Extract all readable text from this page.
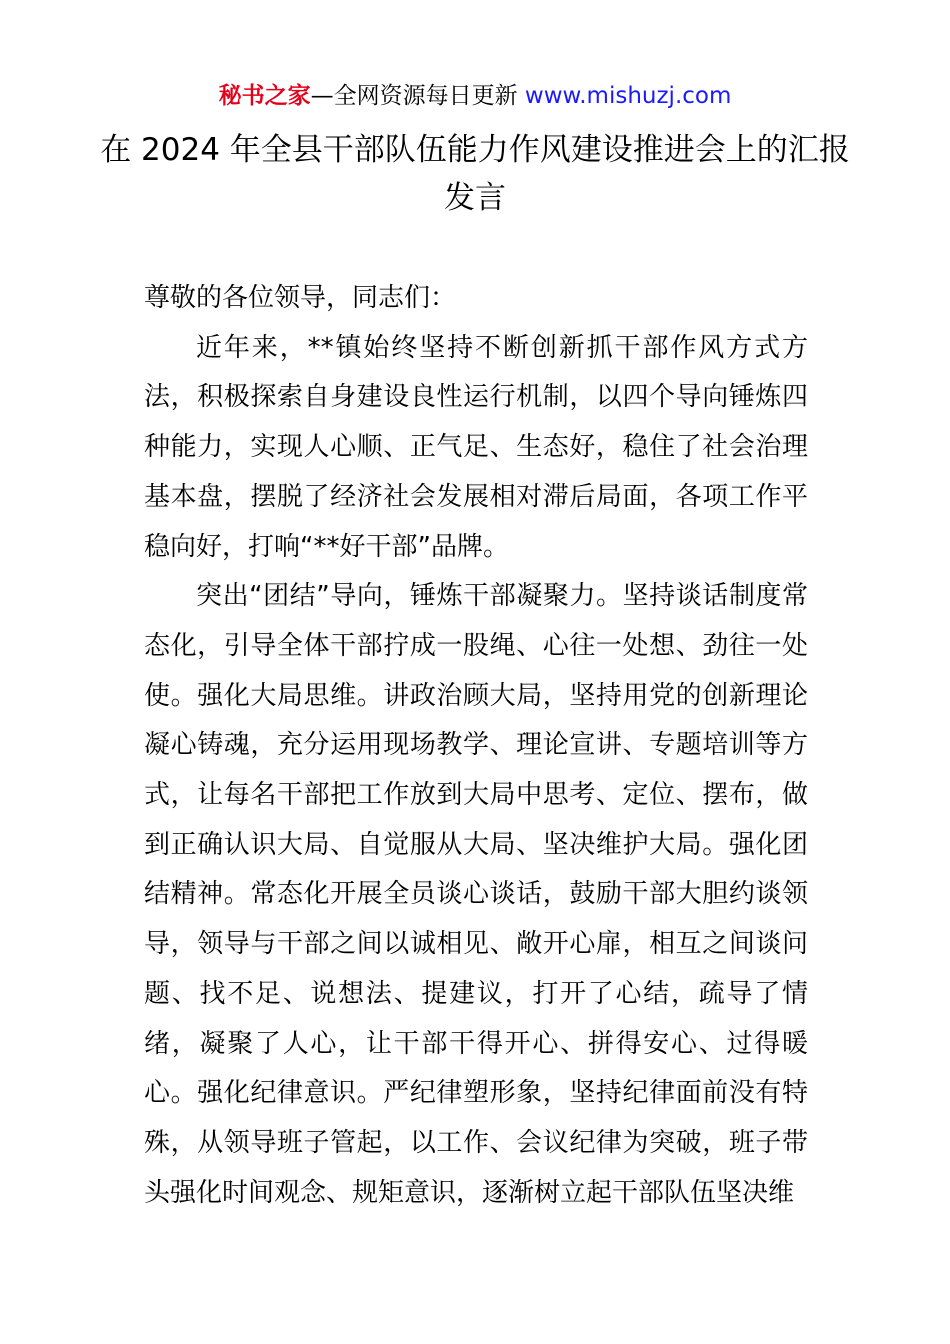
秘书之家—全网资源每日更新 www.mishuzj.com
在 2024 年全县干部队伍能力作风建设推进会上的汇报发言

尊敬的各位领导，同志们：

近年来，**镇始终坚持不断创新抓干部作风方式方法，积极探索自身建设良性运行机制，以四个导向锤炼四种能力，实现人心顺、正气足、生态好，稳住了社会治理基本盘，摆脱了经济社会发展相对滞后局面，各项工作平稳向好，打响“**好干部”品牌。

突出“团结”导向，锤炼干部凝聚力。坚持谈话制度常态化，引导全体干部拧成一股绳、心往一处想、劲往一处使。强化大局思维。讲政治顾大局，坚持用党的创新理论凝心铸魂，充分运用现场教学、理论宣讲、专题培训等方式，让每名干部把工作放到大局中思考、定位、摆布，做到正确认识大局、自觉服从大局、坚决维护大局。强化团结精神。常态化开展全员谈心谈话，鼓励干部大胆约谈领导，领导与干部之间以诚相见、敞开心扉，相互之间谈问题、找不足、说想法、提建议，打开了心结，疏导了情绪，凝聚了人心，让干部干得开心、拼得安心、过得暖心。强化纪律意识。严纪律塑形象，坚持纪律面前没有特殊，从领导班子管起，以工作、会议纪律为突破，班子带头强化时间观念、规矩意识，逐渐树立起干部队伍坚决维
